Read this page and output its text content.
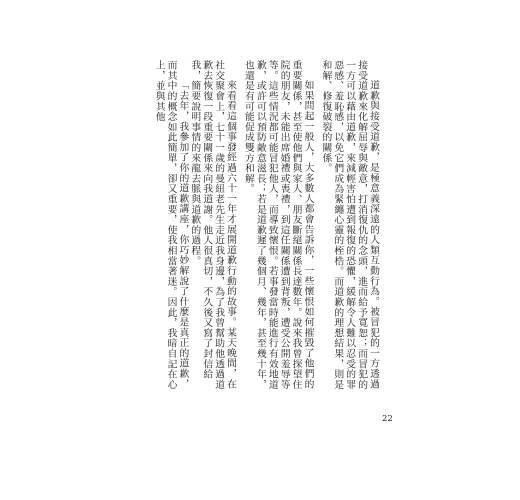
道歉與接受道歉，是極意義深遠的人類互動行為。被冒犯的一方透過接受道歉來化解屈辱與敵意，打消復仇的念頭，進而給予寬恕；而冒犯的一方可以藉由道歉，來減輕害怕遭到報復的恐懼，緩解令人難以忍受的罪惡感、羞恥感，以免它們成為緊纏心靈的桎梏。而道歉的理想結果，則是和解、修復破裂的關係。

如果問起一般人，大多數人都會告訴你，一些懷恨如何摧毀了他們的重要關係，甚至使他們與家人、朋友斷絕關係長達數年。說來我曾探望住院的朋友，未能出席婚禮或喪禮，到這任關係遭到背叛，遭受公開羞辱等等。這些情況都可能冒犯他人，而導致懷恨。若事發當時能進行有效地道歉，或許可以預防敵意滋長；若是道歉遲了幾個月、幾年，甚至幾十年，也還是有可能促成雙方和解。

來看看這個事發經過六十一年才展開道歉行動的故事。某天晚間，在社交聚會上，七十一歲的曼紐老先生走近我身邊，為了我曾幫助他透過道歉去恢復一段重要關係來向我道謝。他人很真切，不久後又寫了封信給我，簡要說明事情的來龍去脈與道歉的過程。

「去年，我參加了你的道歉講座，你巧妙解說了什麼是真正的道歉，而其中的概念如此簡單，卻又重要，使我相當著迷。因此，我暗自記在心上，並與其他

22
